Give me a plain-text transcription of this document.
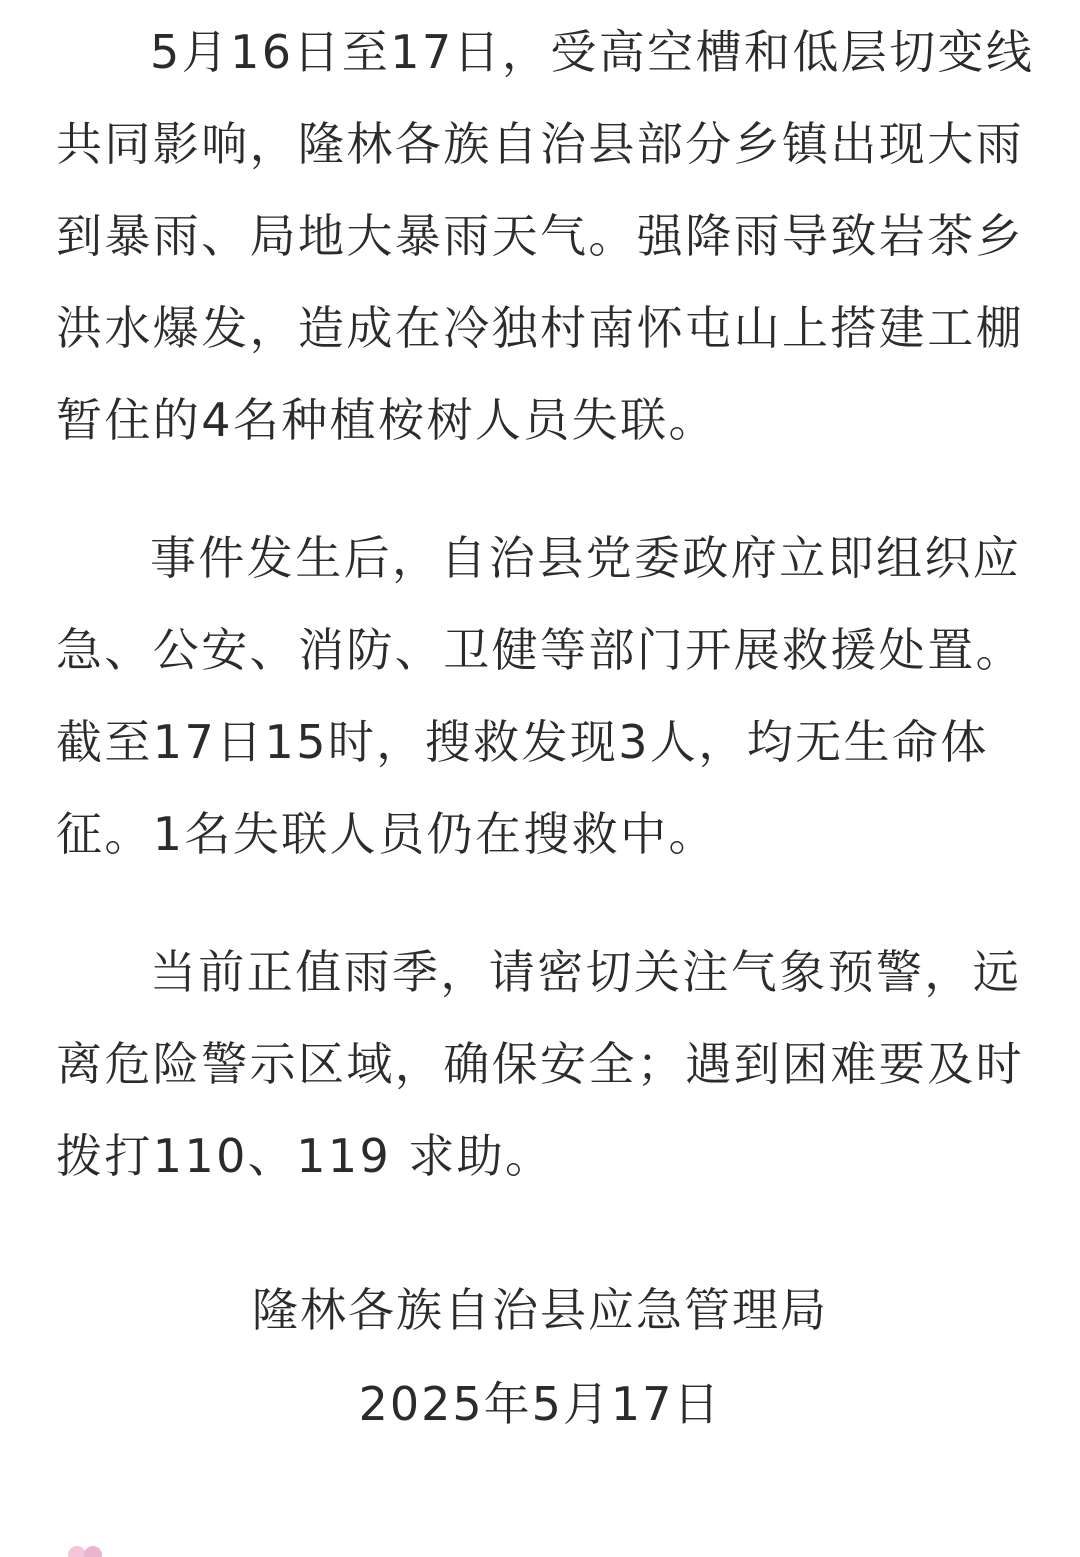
5月16日至17日，受高空槽和低层切变线
共同影响，隆林各族自治县部分乡镇出现大雨
到暴雨、局地大暴雨天气。强降雨导致岩茶乡
洪水爆发，造成在冷独村南怀屯山上搭建工棚
暂住的4名种植桉树人员失联。
事件发生后，自治县党委政府立即组织应
急、公安、消防、卫健等部门开展救援处置。
截至17日15时，搜救发现3人，均无生命体
征。1名失联人员仍在搜救中。
当前正值雨季，请密切关注气象预警，远
离危险警示区域，确保安全；遇到困难要及时
拨打110、119 求助。
隆林各族自治县应急管理局
2025年5月17日
